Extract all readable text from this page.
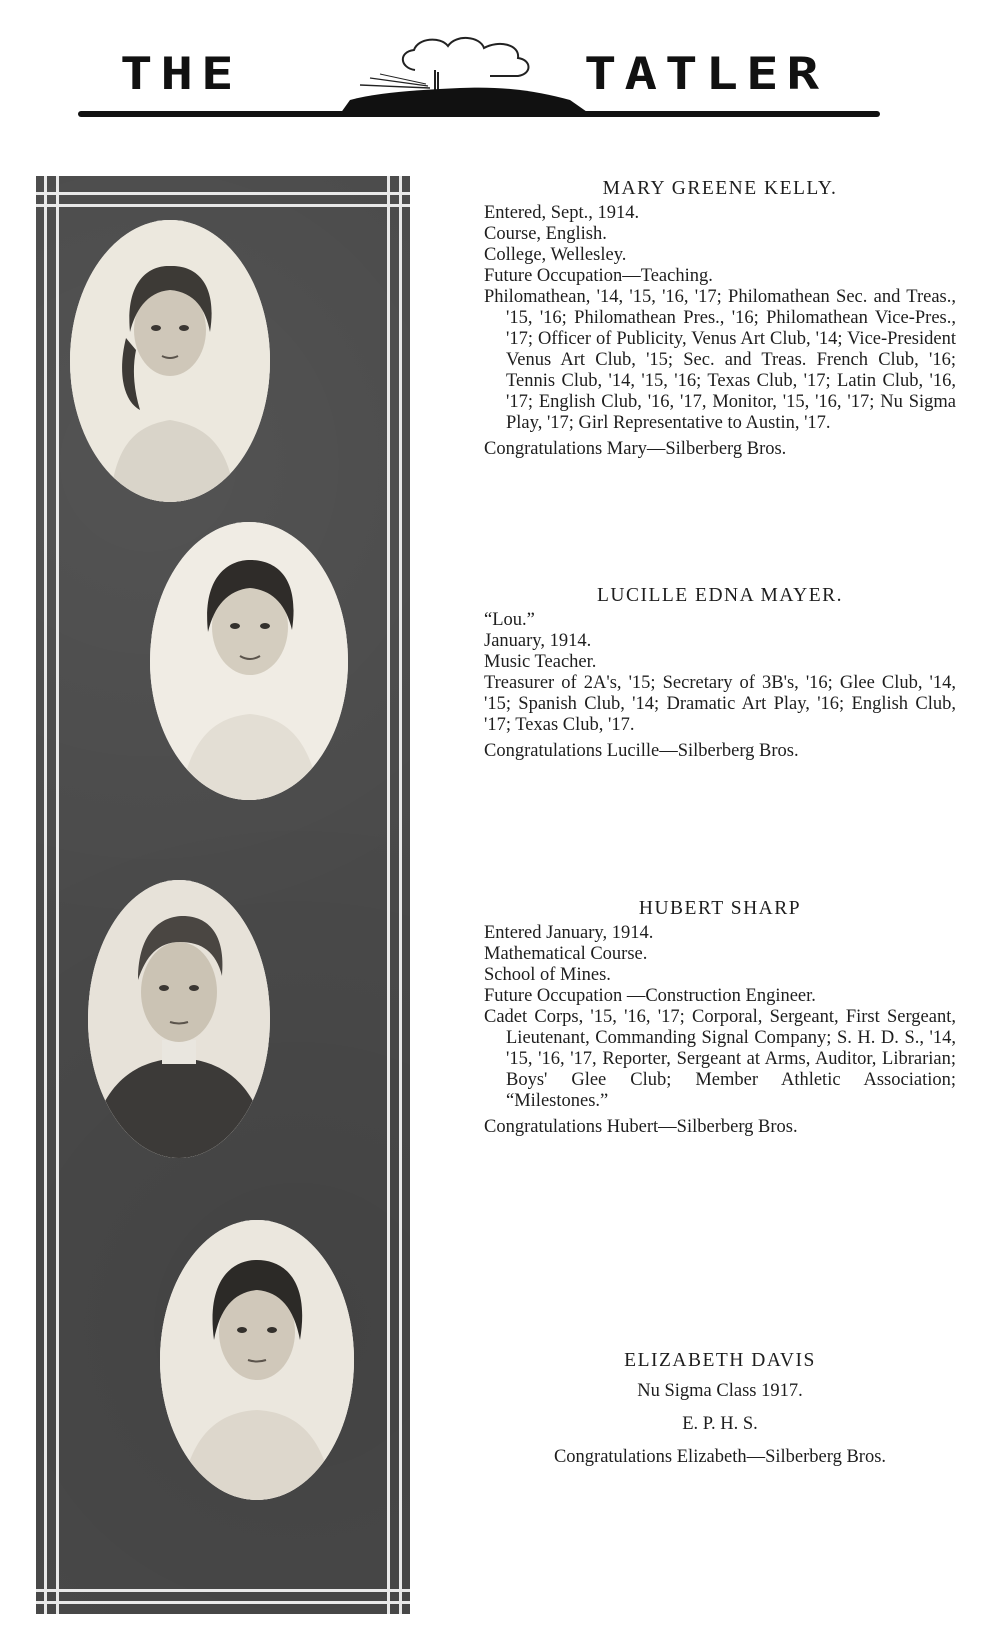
THE	TATLER
MARY GREENE KELLY.
Entered, Sept., 1914.
Course, English.
College, Wellesley.
Future Occupation—Teaching.
Philomathean, '14, '15, '16, '17; Philomathean Sec. and Treas., '15, '16; Philomathean Pres., '16; Philomathean Vice-Pres., '17; Officer of Publicity, Venus Art Club, '14; Vice-President Venus Art Club, '15; Sec. and Treas. French Club, '16; Tennis Club, '14, '15, '16; Texas Club, '17; Latin Club, '16, '17; English Club, '16, '17, Monitor, '15, '16, '17; Nu Sigma Play, '17; Girl Representative to Austin, '17.
Congratulations Mary—Silberberg Bros.
LUCILLE EDNA MAYER.
“Lou.”
January, 1914.
Music Teacher.
Treasurer of 2A's, '15; Secretary of 3B's, '16; Glee Club, '14, '15; Spanish Club, '14; Dramatic Art Play, '16; English Club, '17; Texas Club, '17.
Congratulations Lucille—Silberberg Bros.
HUBERT SHARP
Entered January, 1914.
Mathematical Course.
School of Mines.
Future Occupation —Construction Engineer.
Cadet Corps, '15, '16, '17; Corporal, Sergeant, First Sergeant, Lieutenant, Commanding Signal Company; S. H. D. S., '14, '15, '16, '17, Reporter, Sergeant at Arms, Auditor, Librarian; Boys' Glee Club; Member Athletic Association; “Milestones.”
Congratulations Hubert—Silberberg Bros.
ELIZABETH DAVIS
Nu Sigma Class 1917.
E. P. H. S.
Congratulations Elizabeth—Silberberg Bros.
